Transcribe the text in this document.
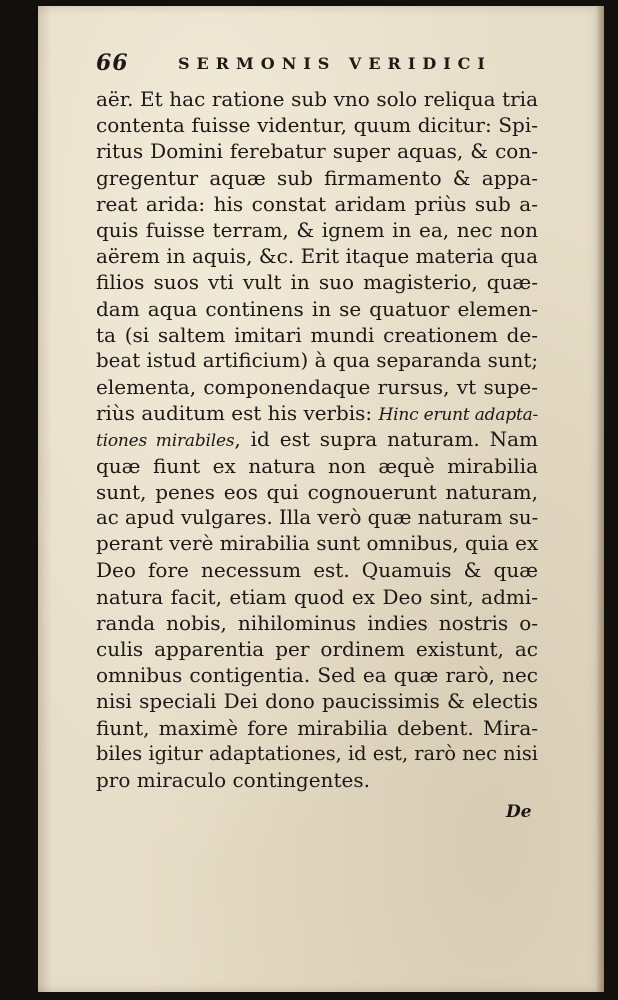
66	SERMONIS VERIDICI
aër. Et hac ratione sub vno solo reliqua tria
contenta fuisse videntur, quum dicitur: Spi-
ritus Domini ferebatur super aquas, & con-
gregentur aquæ sub firmamento & appa-
reat arida: his constat aridam priùs sub a-
quis fuisse terram, & ignem in ea, nec non
aërem in aquis, &c. Erit itaque materia qua
filios suos vti vult in suo magisterio, quæ-
dam aqua continens in se quatuor elemen-
ta (si saltem imitari mundi creationem de-
beat istud artificium) à qua separanda sunt;
elementa, componendaque rursus, vt supe-
riùs auditum est his verbis: Hinc erunt adapta-
tiones mirabiles, id est supra naturam. Nam
quæ fiunt ex natura non æquè mirabilia
sunt, penes eos qui cognouerunt naturam,
ac apud vulgares. Illa verò quæ naturam su-
perant verè mirabilia sunt omnibus, quia ex
Deo fore necessum est. Quamuis & quæ
natura facit, etiam quod ex Deo sint, admi-
randa nobis, nihilominus indies nostris o-
culis apparentia per ordinem existunt, ac
omnibus contigentia. Sed ea quæ rarò, nec
nisi speciali Dei dono paucissimis & electis
fiunt, maximè fore mirabilia debent. Mira-
biles igitur adaptationes, id est, rarò nec nisi
pro miraculo contingentes.
De
